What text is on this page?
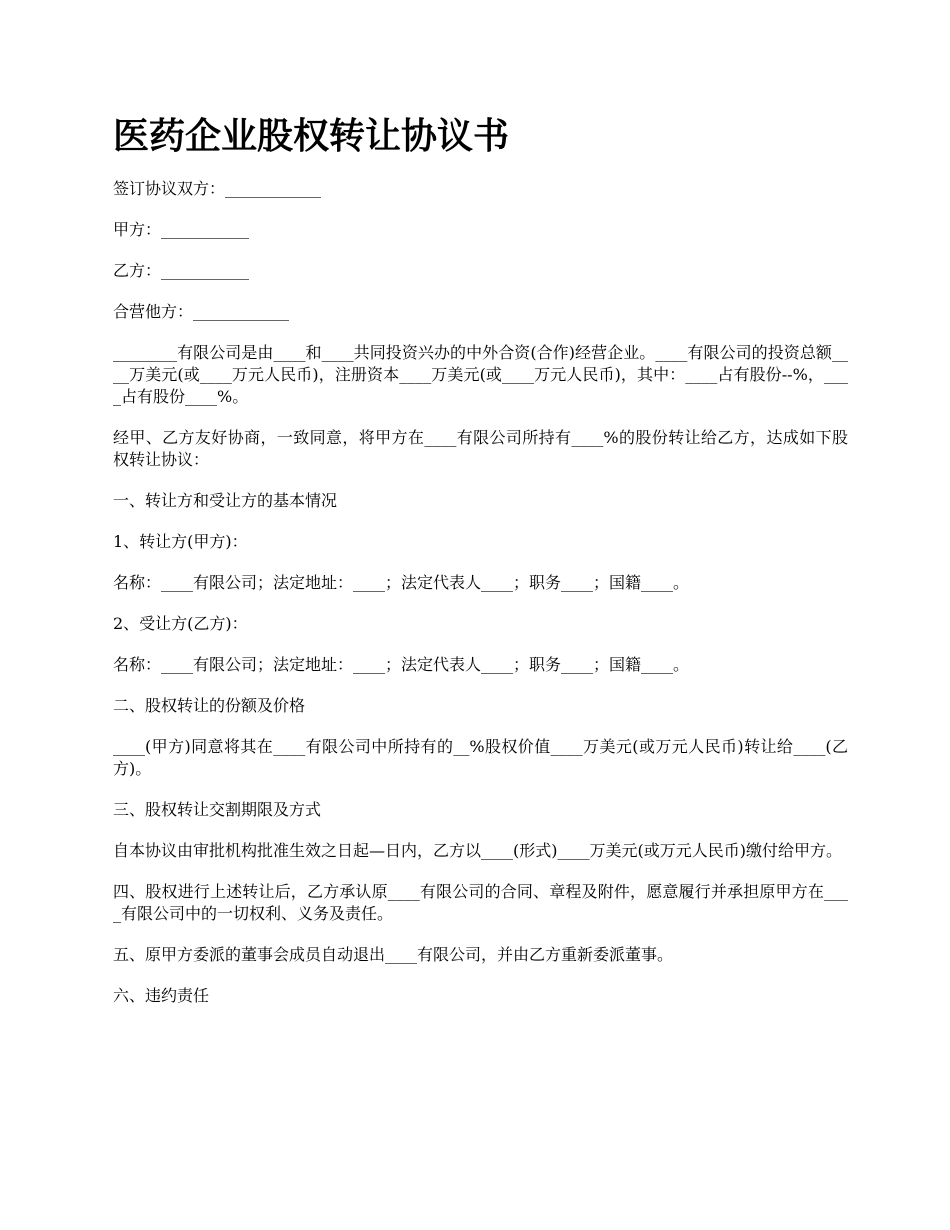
医药企业股权转让协议书

签订协议双方：____________

甲方：___________

乙方：___________

合营他方：____________

________有限公司是由____和____共同投资兴办的中外合资(合作)经营企业。____有限公司的投资总额____万美元(或____万元人民币)，注册资本____万美元(或____万元人民币)，其中：____占有股份--%，____占有股份____%。

经甲、乙方友好协商，一致同意，将甲方在____有限公司所持有____%的股份转让给乙方，达成如下股权转让协议：

一、转让方和受让方的基本情况

1、转让方(甲方)：

名称：____有限公司；法定地址：____；法定代表人____；职务____；国籍____。

2、受让方(乙方)：

名称：____有限公司；法定地址：____；法定代表人____；职务____；国籍____。

二、股权转让的份额及价格

____(甲方)同意将其在____有限公司中所持有的__%股权价值____万美元(或万元人民币)转让给____(乙方)。

三、股权转让交割期限及方式

自本协议由审批机构批准生效之日起—日内，乙方以____(形式)____万美元(或万元人民币)缴付给甲方。

四、股权进行上述转让后，乙方承认原____有限公司的合同、章程及附件，愿意履行并承担原甲方在____有限公司中的一切权利、义务及责任。

五、原甲方委派的董事会成员自动退出____有限公司，并由乙方重新委派董事。

六、违约责任
